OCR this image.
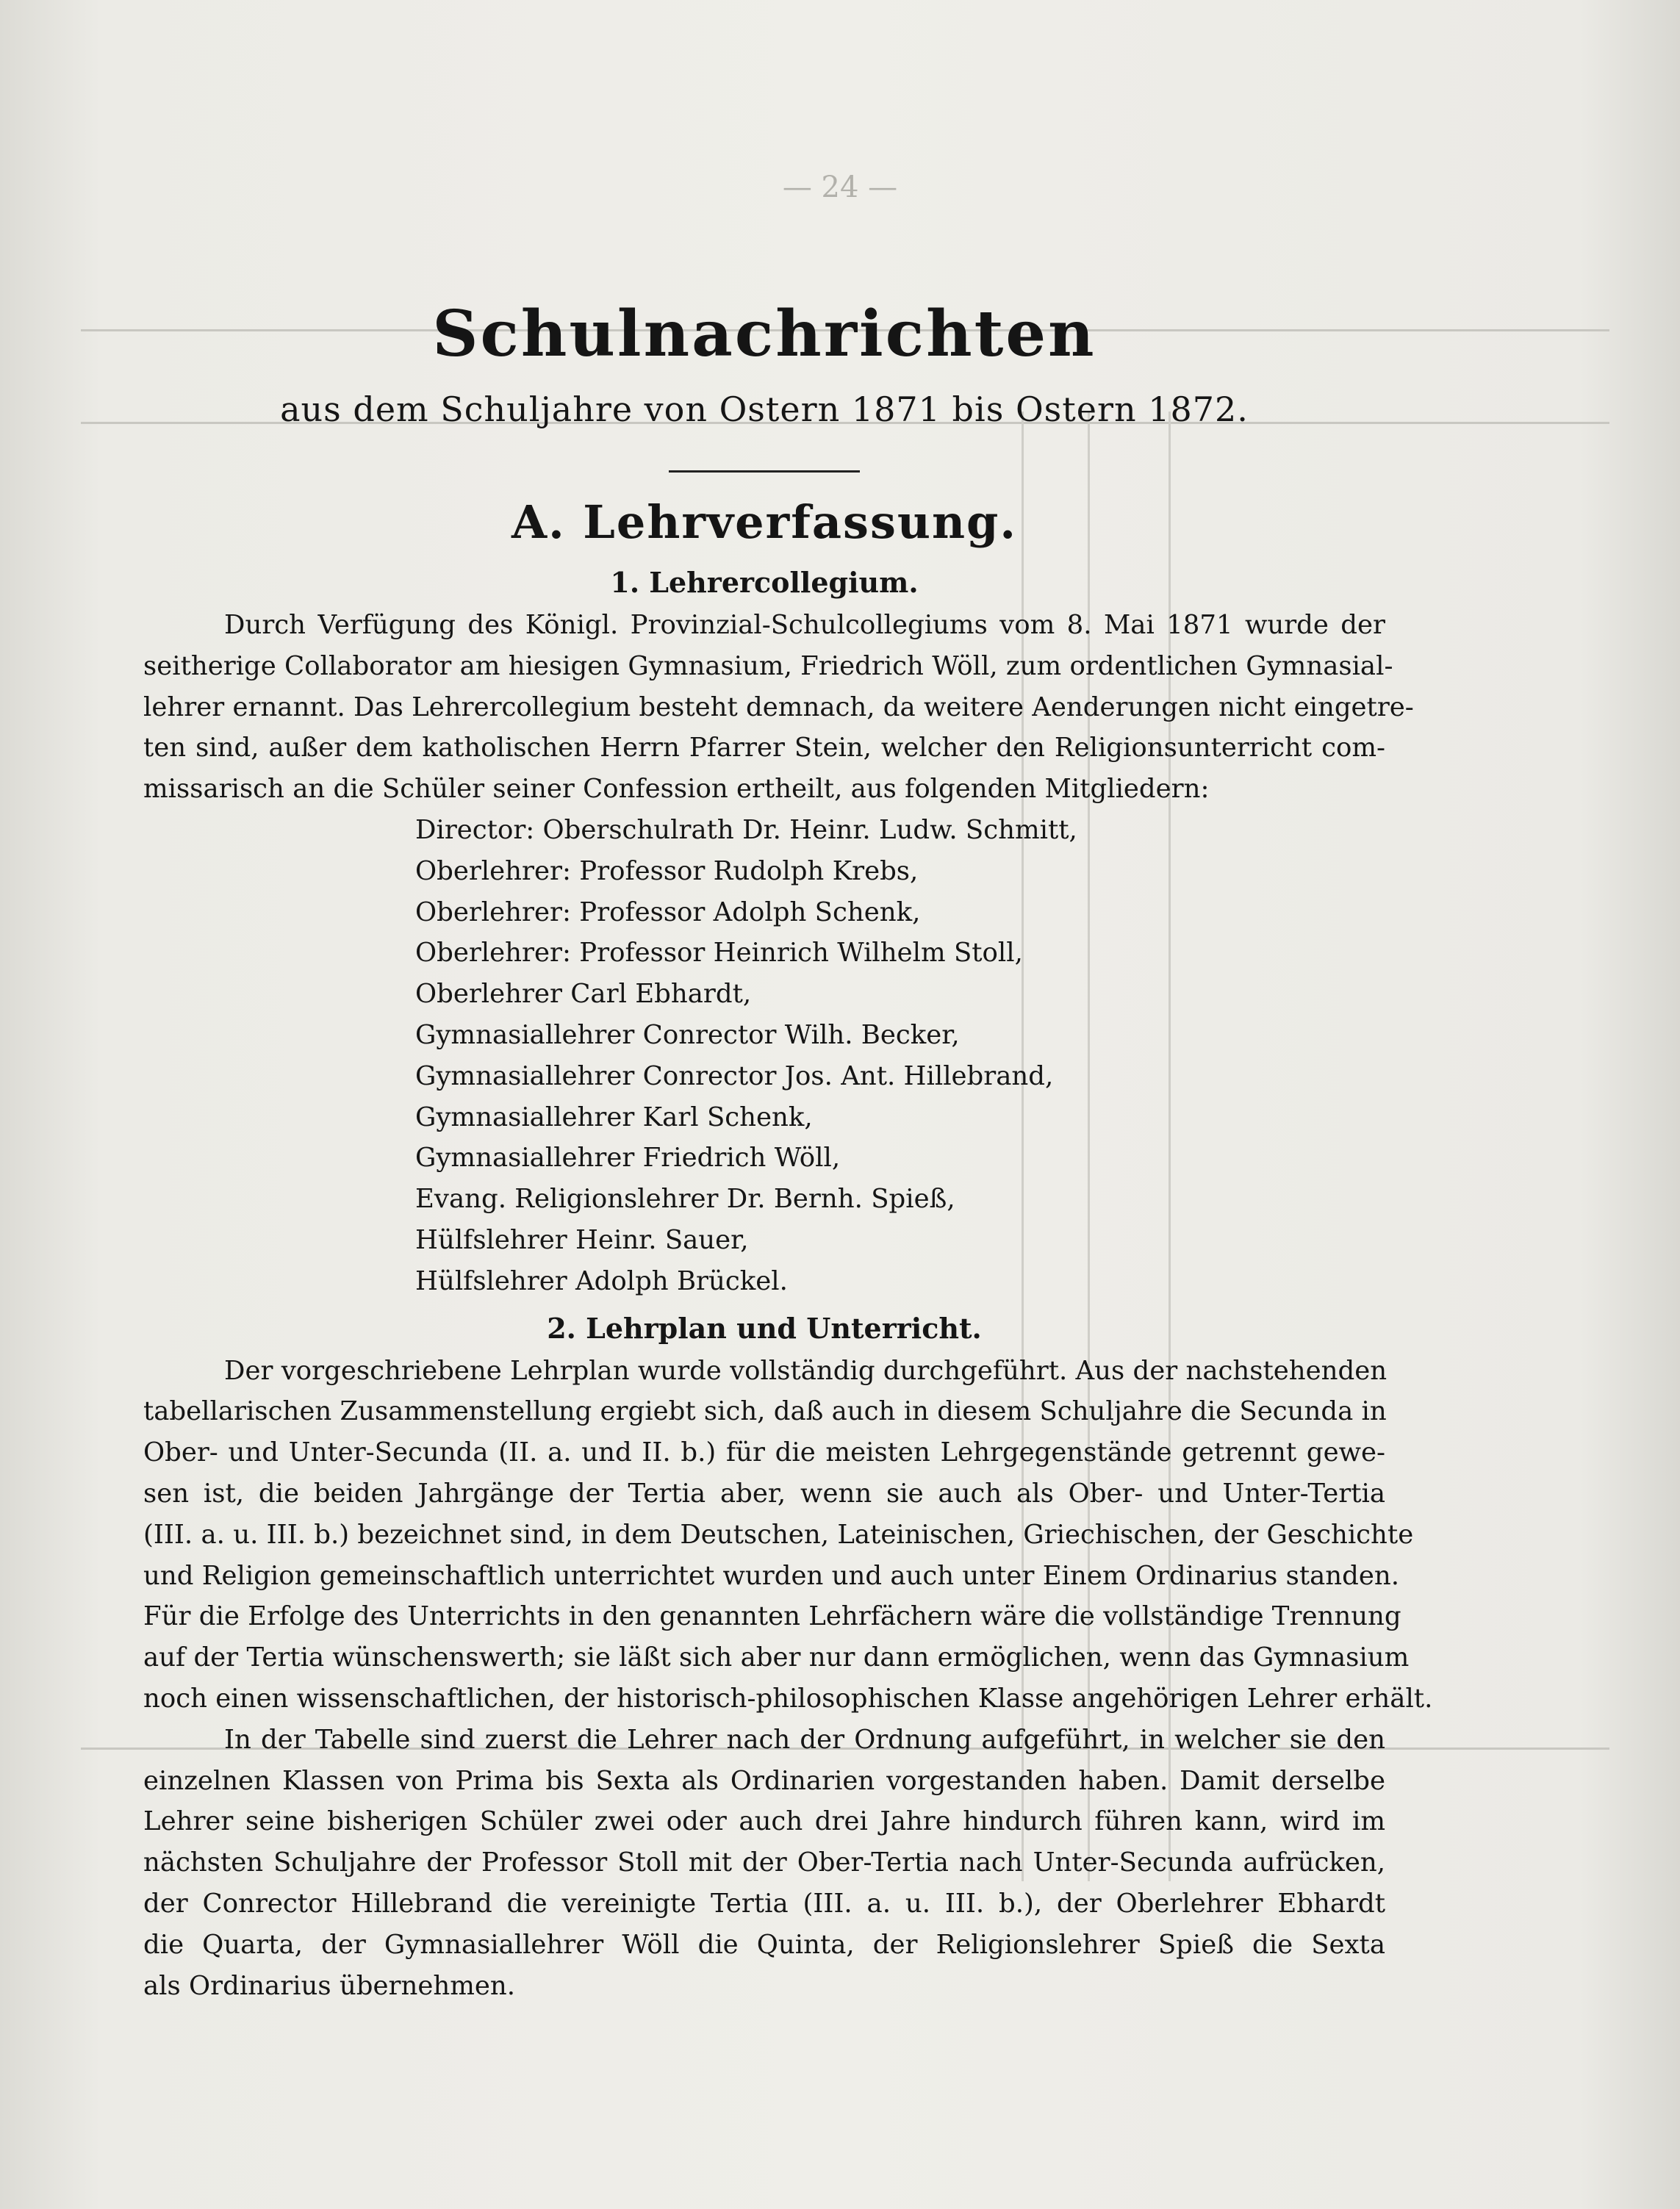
— 24 —
Schulnachrichten

aus dem Schuljahre von Ostern 1871 bis Ostern 1872.

A. Lehrverfassung.
1. Lehrercollegium.

Durch Verfügung des Königl. Provinzial-Schulcollegiums vom 8. Mai 1871 wurde der
seitherige Collaborator am hiesigen Gymnasium, Friedrich Wöll, zum ordentlichen Gymnasial-
lehrer ernannt. Das Lehrercollegium besteht demnach, da weitere Aenderungen nicht eingetre-
ten sind, außer dem katholischen Herrn Pfarrer Stein, welcher den Religionsunterricht com-
missarisch an die Schüler seiner Confession ertheilt, aus folgenden Mitgliedern:

Director: Oberschulrath Dr. Heinr. Ludw. Schmitt,
Oberlehrer: Professor Rudolph Krebs,
Oberlehrer: Professor Adolph Schenk,
Oberlehrer: Professor Heinrich Wilhelm Stoll,
Oberlehrer Carl Ebhardt,
Gymnasiallehrer Conrector Wilh. Becker,
Gymnasiallehrer Conrector Jos. Ant. Hillebrand,
Gymnasiallehrer Karl Schenk,
Gymnasiallehrer Friedrich Wöll,
Evang. Religionslehrer Dr. Bernh. Spieß,
Hülfslehrer Heinr. Sauer,
Hülfslehrer Adolph Brückel.
2. Lehrplan und Unterricht.

Der vorgeschriebene Lehrplan wurde vollständig durchgeführt. Aus der nachstehenden
tabellarischen Zusammenstellung ergiebt sich, daß auch in diesem Schuljahre die Secunda in
Ober- und Unter-Secunda (II. a. und II. b.) für die meisten Lehrgegenstände getrennt gewe-
sen ist, die beiden Jahrgänge der Tertia aber, wenn sie auch als Ober- und Unter-Tertia
(III. a. u. III. b.) bezeichnet sind, in dem Deutschen, Lateinischen, Griechischen, der Geschichte
und Religion gemeinschaftlich unterrichtet wurden und auch unter Einem Ordinarius standen.
Für die Erfolge des Unterrichts in den genannten Lehrfächern wäre die vollständige Trennung
auf der Tertia wünschenswerth; sie läßt sich aber nur dann ermöglichen, wenn das Gymnasium
noch einen wissenschaftlichen, der historisch-philosophischen Klasse angehörigen Lehrer erhält.

In der Tabelle sind zuerst die Lehrer nach der Ordnung aufgeführt, in welcher sie den
einzelnen Klassen von Prima bis Sexta als Ordinarien vorgestanden haben. Damit derselbe
Lehrer seine bisherigen Schüler zwei oder auch drei Jahre hindurch führen kann, wird im
nächsten Schuljahre der Professor Stoll mit der Ober-Tertia nach Unter-Secunda aufrücken,
der Conrector Hillebrand die vereinigte Tertia (III. a. u. III. b.), der Oberlehrer Ebhardt
die Quarta, der Gymnasiallehrer Wöll die Quinta, der Religionslehrer Spieß die Sexta
als Ordinarius übernehmen.
